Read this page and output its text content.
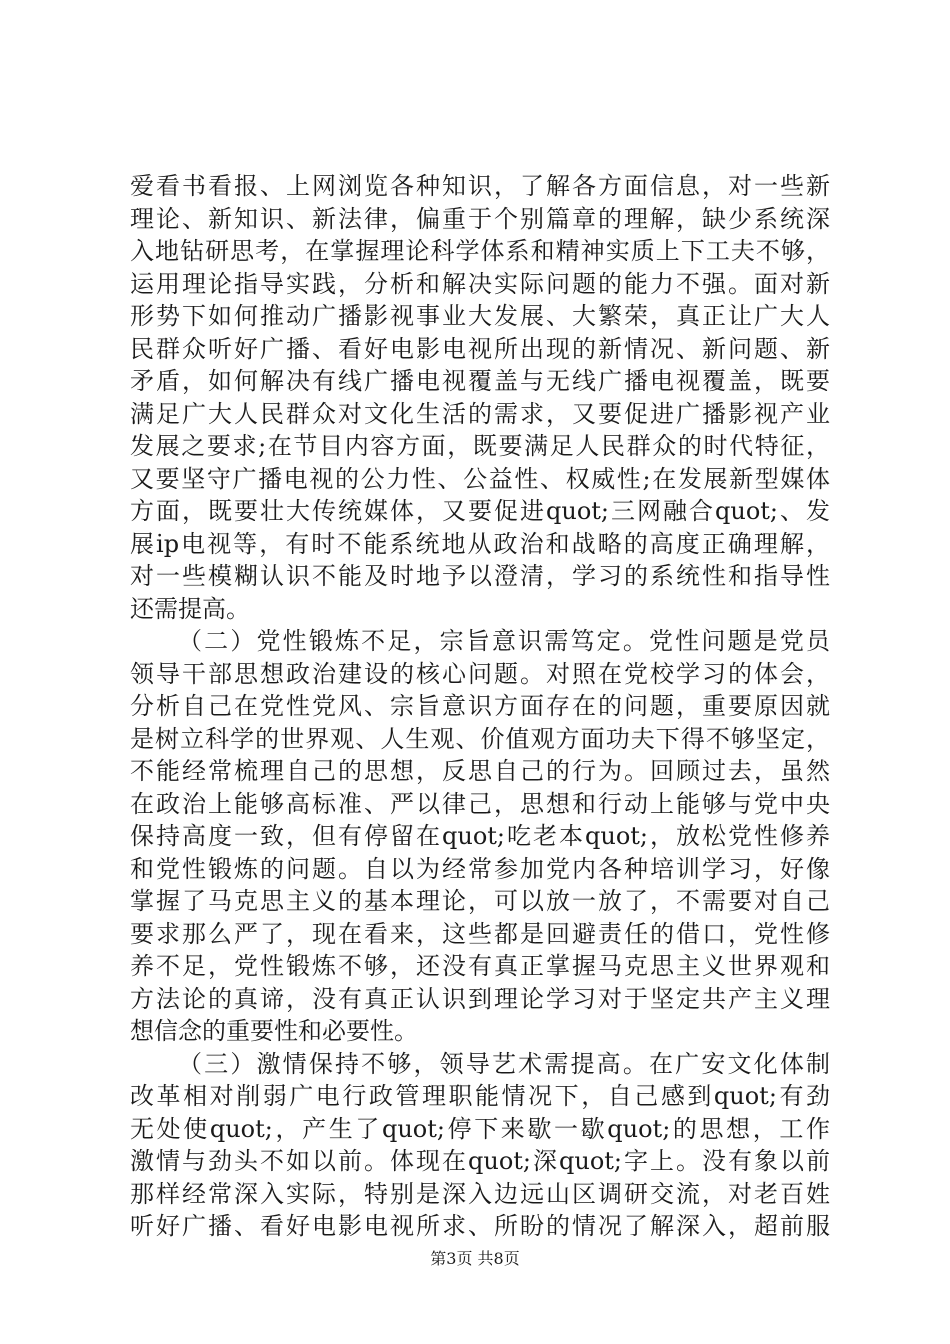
爱看书看报、上网浏览各种知识，了解各方面信息，对一些新
理论、新知识、新法律，偏重于个别篇章的理解，缺少系统深
入地钻研思考，在掌握理论科学体系和精神实质上下工夫不够，
运用理论指导实践，分析和解决实际问题的能力不强。面对新
形势下如何推动广播影视事业大发展、大繁荣，真正让广大人
民群众听好广播、看好电影电视所出现的新情况、新问题、新
矛盾，如何解决有线广播电视覆盖与无线广播电视覆盖，既要
满足广大人民群众对文化生活的需求，又要促进广播影视产业
发展之要求;在节目内容方面，既要满足人民群众的时代特征，
又要坚守广播电视的公力性、公益性、权威性;在发展新型媒体
方面，既要壮大传统媒体，又要促进quot;三网融合quot;、发
展ip电视等，有时不能系统地从政治和战略的高度正确理解，
对一些模糊认识不能及时地予以澄清，学习的系统性和指导性
还需提高。
（二）党性锻炼不足，宗旨意识需笃定。党性问题是党员
领导干部思想政治建设的核心问题。对照在党校学习的体会，
分析自己在党性党风、宗旨意识方面存在的问题，重要原因就
是树立科学的世界观、人生观、价值观方面功夫下得不够坚定，
不能经常梳理自己的思想，反思自己的行为。回顾过去，虽然
在政治上能够高标准、严以律己，思想和行动上能够与党中央
保持高度一致，但有停留在quot;吃老本quot;，放松党性修养
和党性锻炼的问题。自以为经常参加党内各种培训学习，好像
掌握了马克思主义的基本理论，可以放一放了，不需要对自己
要求那么严了，现在看来，这些都是回避责任的借口，党性修
养不足，党性锻炼不够，还没有真正掌握马克思主义世界观和
方法论的真谛，没有真正认识到理论学习对于坚定共产主义理
想信念的重要性和必要性。
（三）激情保持不够，领导艺术需提高。在广安文化体制
改革相对削弱广电行政管理职能情况下，自己感到quot;有劲
无处使quot;，产生了quot;停下来歇一歇quot;的思想，工作
激情与劲头不如以前。体现在quot;深quot;字上。没有象以前
那样经常深入实际，特别是深入边远山区调研交流，对老百姓
听好广播、看好电影电视所求、所盼的情况了解深入，超前服
第3页 共8页
